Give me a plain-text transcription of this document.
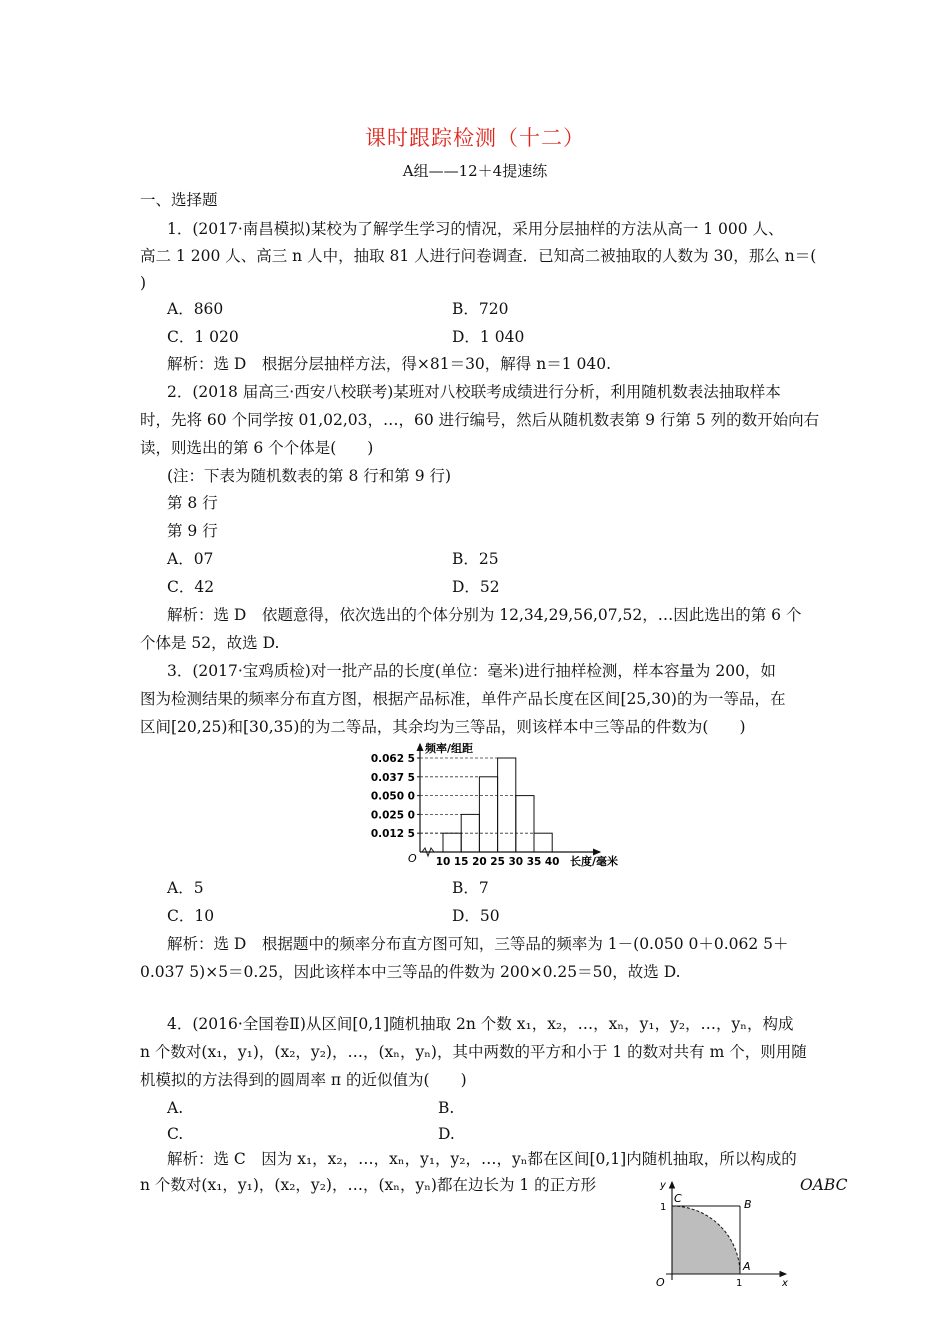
课时跟踪检测（十二）
A组——12＋4提速练
一、选择题
1．(2017·南昌模拟)某校为了解学生学习的情况，采用分层抽样的方法从高一 1 000 人、
高二 1 200 人、高三 n 人中，抽取 81 人进行问卷调查．已知高二被抽取的人数为 30，那么 n＝(
)
A．860	B．720
C．1 020	D．1 040
解析：选 D　根据分层抽样方法，得×81＝30，解得 n＝1 040.
2．(2018 届高三·西安八校联考)某班对八校联考成绩进行分析，利用随机数表法抽取样本
时，先将 60 个同学按 01,02,03，…，60 进行编号，然后从随机数表第 9 行第 5 列的数开始向右
读，则选出的第 6 个个体是(　　)
(注：下表为随机数表的第 8 行和第 9 行)
第 8 行
第 9 行
A．07	B．25
C．42	D．52
解析：选 D　依题意得，依次选出的个体分别为 12,34,29,56,07,52，…因此选出的第 6 个
个体是 52，故选 D.
3．(2017·宝鸡质检)对一批产品的长度(单位：毫米)进行抽样检测，样本容量为 200，如
图为检测结果的频率分布直方图，根据产品标准，单件产品长度在区间[25,30)的为一等品，在
区间[20,25)和[30,35)的为二等品，其余均为三等品，则该样本中三等品的件数为(　　)
频率/组距
长度/毫米
O
0.012 5
0.025 0
0.037 5
0.050 0
0.062 5
10 15 20 25 30 35 40
A．5	B．7
C．10	D．50
解析：选 D　根据题中的频率分布直方图可知，三等品的频率为 1－(0.050 0＋0.062 5＋
0.037 5)×5＝0.25，因此该样本中三等品的件数为 200×0.25＝50，故选 D.
4．(2016·全国卷Ⅱ)从区间[0,1]随机抽取 2n 个数 x₁，x₂，…，xₙ，y₁，y₂，…，yₙ，构成
n 个数对(x₁，y₁)，(x₂，y₂)，…，(xₙ，yₙ)，其中两数的平方和小于 1 的数对共有 m 个，则用随
机模拟的方法得到的圆周率 π 的近似值为(　　)
A.	B.
C.	D.
解析：选 C　因为 x₁，x₂，…，xₙ，y₁，y₂，…，yₙ都在区间[0,1]内随机抽取，所以构成的
n 个数对(x₁，y₁)，(x₂，y₂)，…，(xₙ，yₙ)都在边长为 1 的正方形	OABC
y
x
O
C	B
A
1
1
